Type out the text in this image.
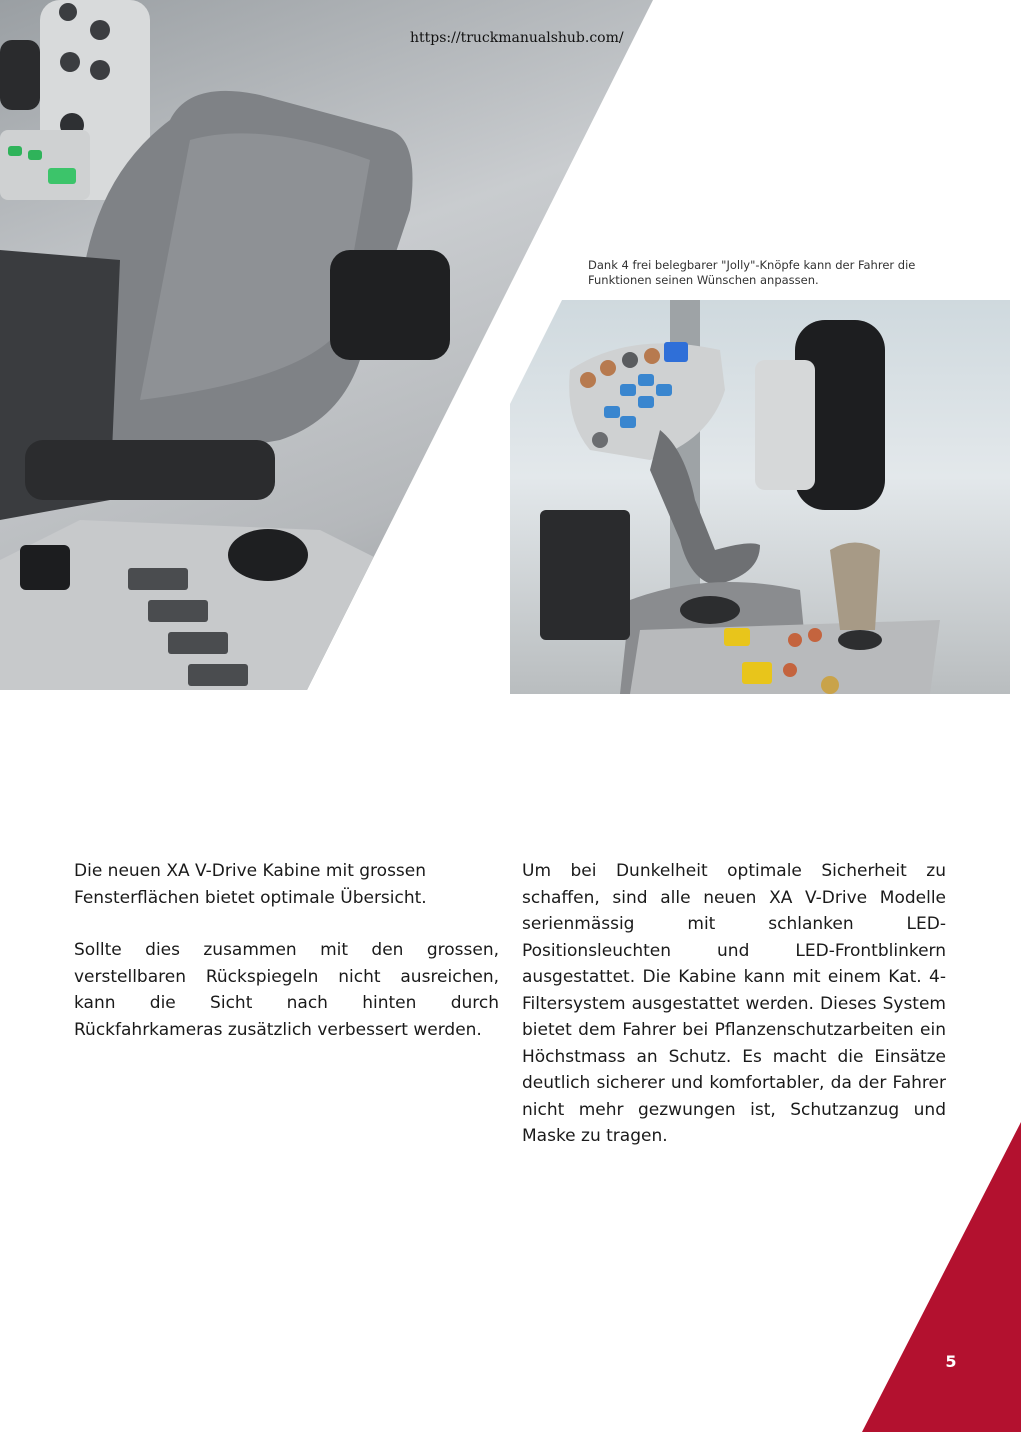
https://truckmanualshub.com/
Dank 4 frei belegbarer "Jolly"-Knöpfe kann der Fahrer die Funktionen seinen Wünschen anpassen.

Die neuen XA V-Drive Kabine mit grossen Fensterflächen bietet optimale Übersicht.

Sollte dies zusammen mit den grossen, verstellbaren Rückspiegeln nicht ausreichen, kann die Sicht nach hinten durch Rückfahrkameras zusätzlich verbessert werden.

Um bei Dunkelheit optimale Sicherheit zu schaffen, sind alle neuen XA V-Drive Modelle serienmässig mit schlanken LED-Positionsleuchten und LED-Frontblinkern ausgestattet. Die Kabine kann mit einem Kat. 4-Filtersystem ausgestattet werden. Dieses System bietet dem Fahrer bei Pflanzenschutzarbeiten ein Höchstmass an Schutz. Es macht die Einsätze deutlich sicherer und komfortabler, da der Fahrer nicht mehr gezwungen ist, Schutzanzug und Maske zu tragen.

5
